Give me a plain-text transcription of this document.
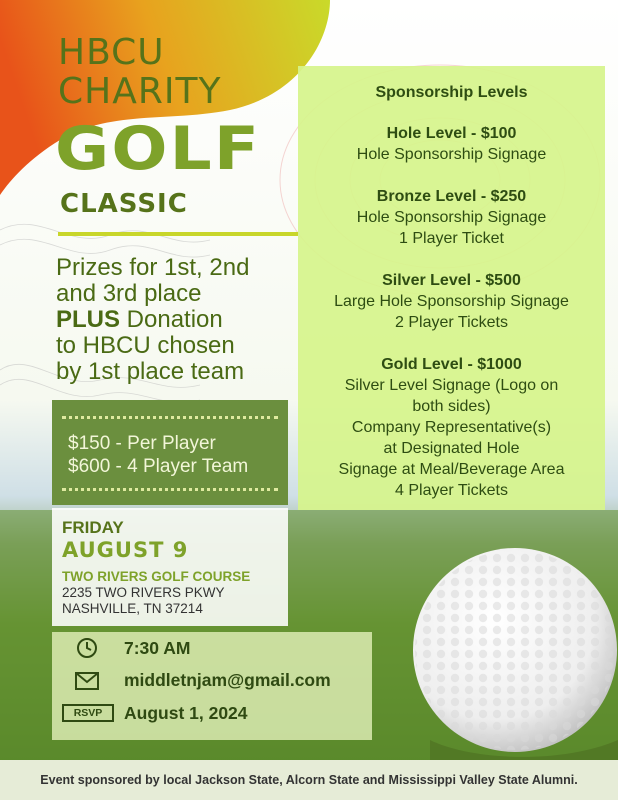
HBCU
CHARITY
GOLF
CLASSIC
Prizes for 1st, 2nd
and 3rd place
PLUS Donation
to HBCU chosen
by 1st place team
$150 - Per Player
$600 - 4 Player Team
FRIDAY
AUGUST 9
TWO RIVERS GOLF COURSE
2235 TWO RIVERS PKWY
NASHVILLE, TN 37214
7:30 AM
middletnjam@gmail.com
RSVP	August 1, 2024
Sponsorship Levels
Hole Level - $100
Hole Sponsorship Signage
Bronze Level - $250
Hole Sponsorship Signage
1 Player Ticket
Silver Level - $500
Large Hole Sponsorship Signage
2 Player Tickets
Gold Level - $1000
Silver Level Signage (Logo on
both sides)
Company Representative(s)
at Designated Hole
Signage at Meal/Beverage Area
4 Player Tickets
Event sponsored by local Jackson State, Alcorn State and Mississippi Valley State Alumni.
